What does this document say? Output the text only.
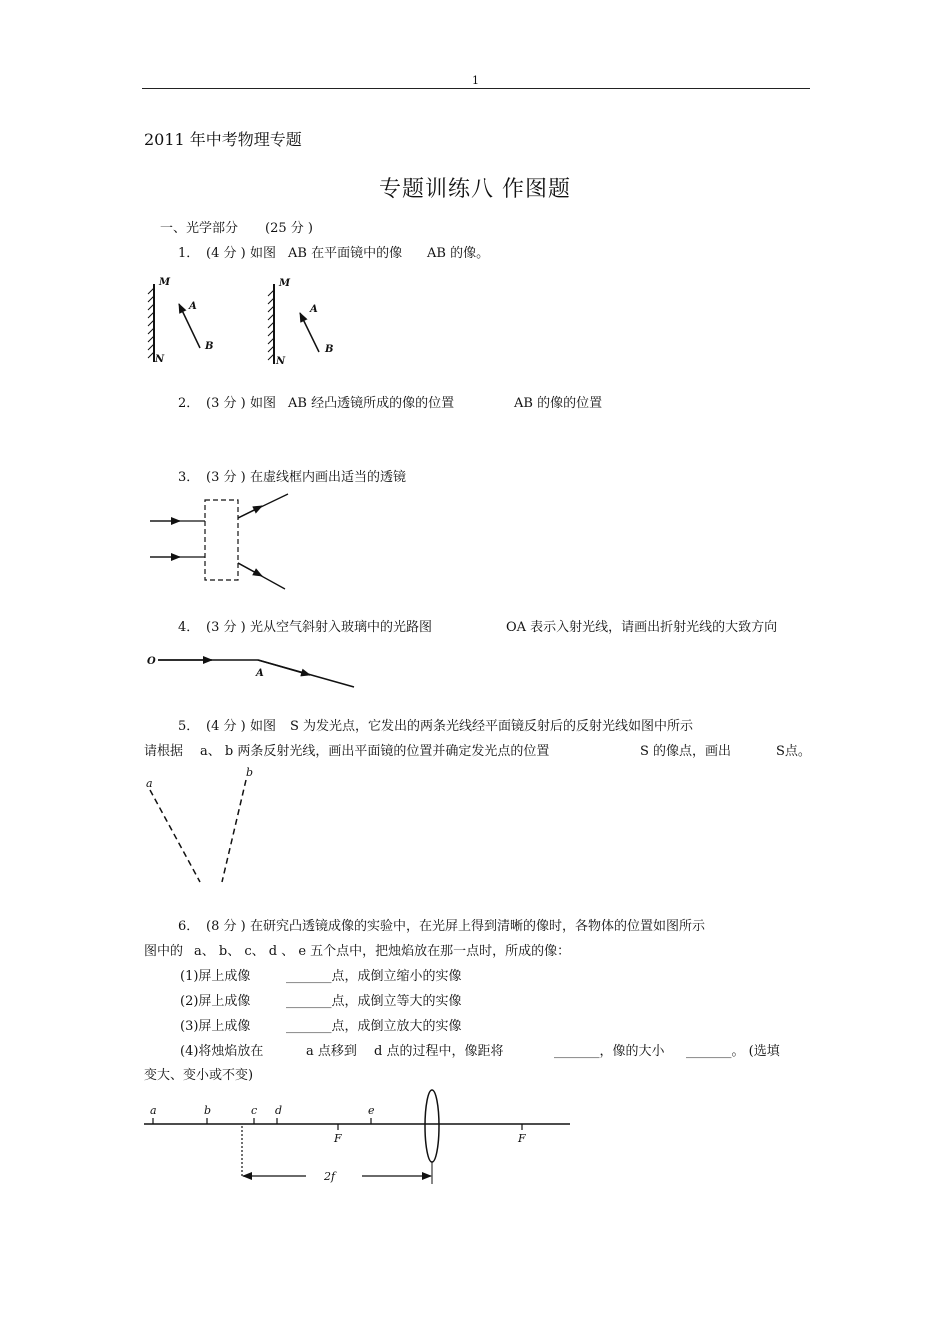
1
2011 年中考物理专题
专题训练八 作图题
一、光学部分 (25 分 )
1． (4 分 ) 如图 AB 在平面镜中的像 AB 的像。
2． (3 分 ) 如图 AB 经凸透镜所成的像的位置	AB 的像的位置
3． (3 分 ) 在虚线框内画出适当的透镜
4． (3 分 ) 光从空气斜射入玻璃中的光路图	OA 表示入射光线，请画出折射光线的大致方向
5． (4 分 ) 如图 S 为发光点，它发出的两条光线经平面镜反射后的反射光线如图中所示
请根据 a、 b 两条反射光线，画出平面镜的位置并确定发光点的位置	S 的像点，画出	S点。
6． (8 分 ) 在研究凸透镜成像的实验中，在光屏上得到清晰的像时，各物体的位置如图所示
图中的 a、 b、 c、 d 、 e 五个点中，把烛焰放在那一点时，所成的像：
(1)屏上成像	_______点，成倒立缩小的实像
(2)屏上成像	_______点，成倒立等大的实像
(3)屏上成像	_______点，成倒立放大的实像
(4)将烛焰放在	a 点移到 d 点的过程中，像距将	_______，像的大小 _______。 (选填
变大、变小或不变)
M
N
A
B
M
N
A
B
O
A
a
b
a	b	c d	e
F	F
2f
